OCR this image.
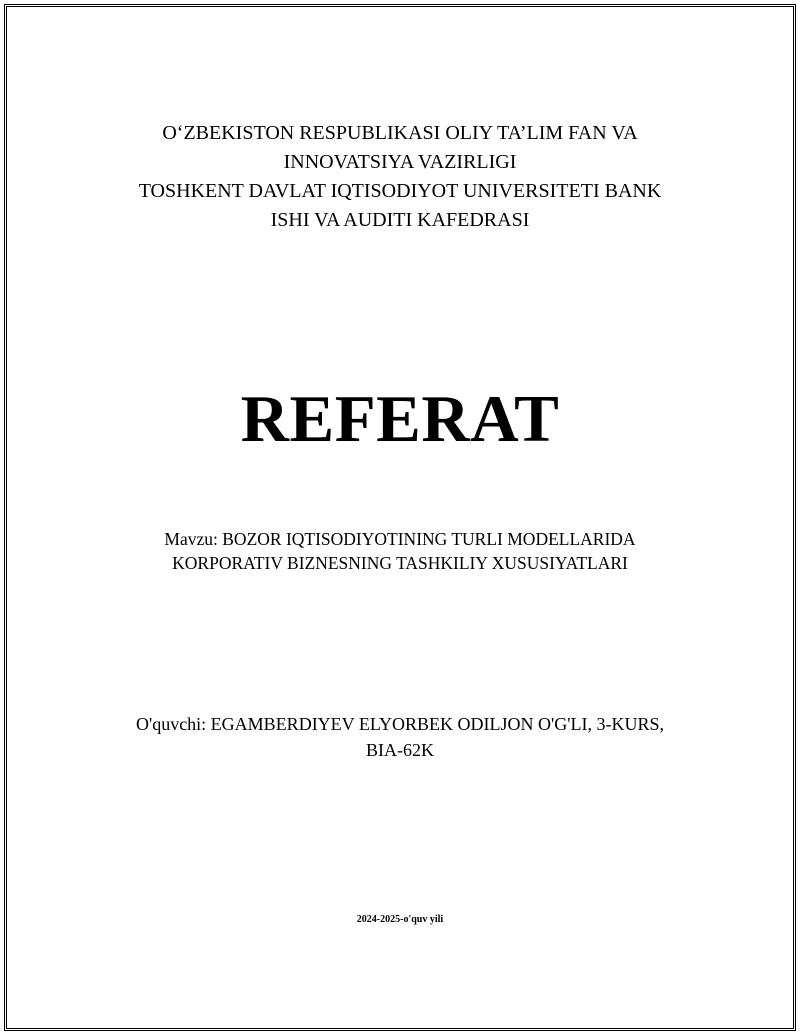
O‘ZBEKISTON RESPUBLIKASI OLIY TA’LIM FAN VA
INNOVATSIYA VAZIRLIGI
TOSHKENT DAVLAT IQTISODIYOT UNIVERSITETI BANK
ISHI VA AUDITI KAFEDRASI
REFERAT
Mavzu: BOZOR IQTISODIYOTINING TURLI MODELLARIDA
KORPORATIV BIZNESNING TASHKILIY XUSUSIYATLARI
O'quvchi: EGAMBERDIYEV ELYORBEK ODILJON O'G'LI, 3-KURS,
BIA-62K
2024-2025-o'quv yili
